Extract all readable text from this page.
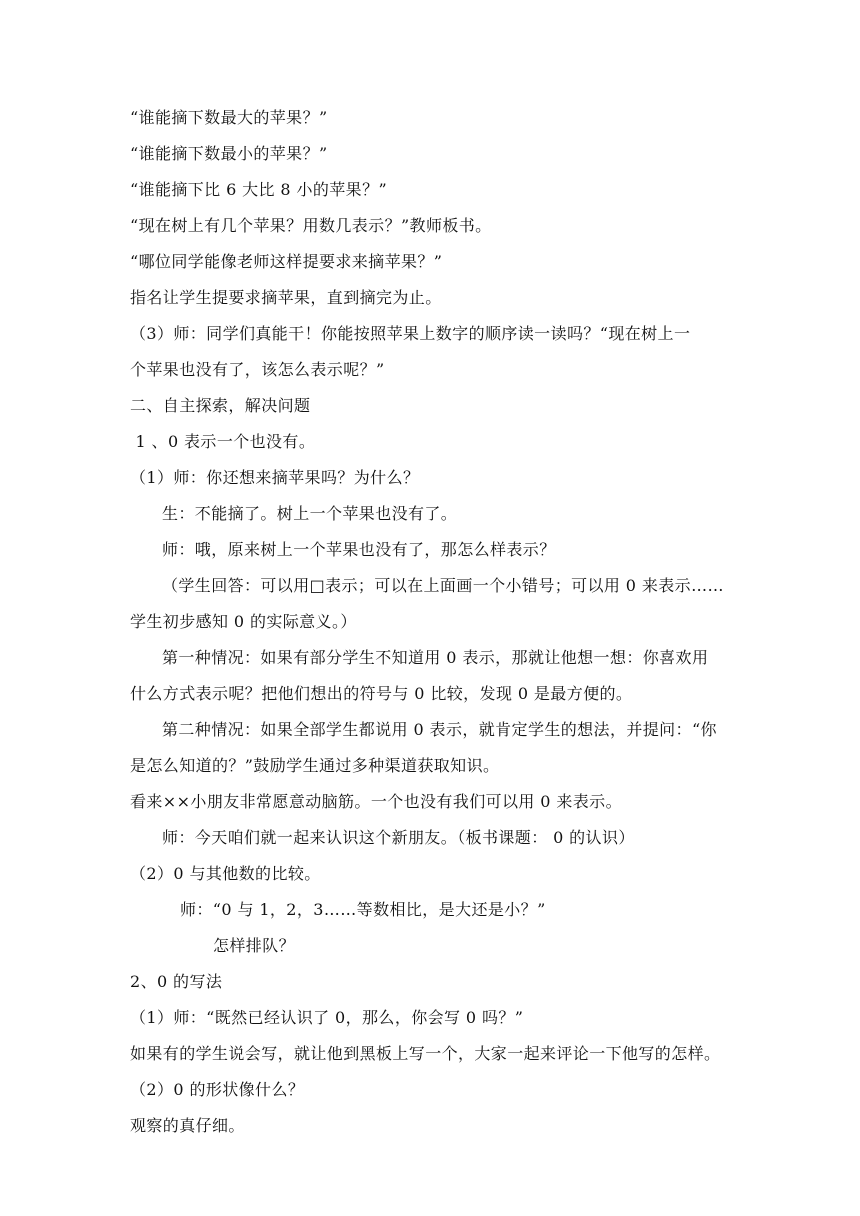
“谁能摘下数最大的苹果？”
“谁能摘下数最小的苹果？”
“谁能摘下比 6 大比 8 小的苹果？”
“现在树上有几个苹果？用数几表示？”教师板书。
“哪位同学能像老师这样提要求来摘苹果？”
指名让学生提要求摘苹果，直到摘完为止。
（3）师：同学们真能干！你能按照苹果上数字的顺序读一读吗？“现在树上一
个苹果也没有了，该怎么表示呢？”
二、自主探索，解决问题
1 、0 表示一个也没有。
（1）师：你还想来摘苹果吗？为什么？
生：不能摘了。树上一个苹果也没有了。
师：哦，原来树上一个苹果也没有了，那怎么样表示？
（学生回答：可以用□表示；可以在上面画一个小错号；可以用 0 来表示……
学生初步感知 0 的实际意义。）
第一种情况：如果有部分学生不知道用 0 表示，那就让他想一想：你喜欢用
什么方式表示呢？把他们想出的符号与 0 比较，发现 0 是最方便的。
第二种情况：如果全部学生都说用 0 表示，就肯定学生的想法，并提问：“你
是怎么知道的？”鼓励学生通过多种渠道获取知识。
看来××小朋友非常愿意动脑筋。一个也没有我们可以用 0 来表示。
师：今天咱们就一起来认识这个新朋友。（板书课题： 0 的认识）
（2）0 与其他数的比较。
师：“0 与 1，2，3……等数相比，是大还是小？”
怎样排队？
2、0 的写法
（1）师：“既然已经认识了 0，那么，你会写 0 吗？”
如果有的学生说会写，就让他到黑板上写一个，大家一起来评论一下他写的怎样。
（2）0 的形状像什么？
观察的真仔细。
